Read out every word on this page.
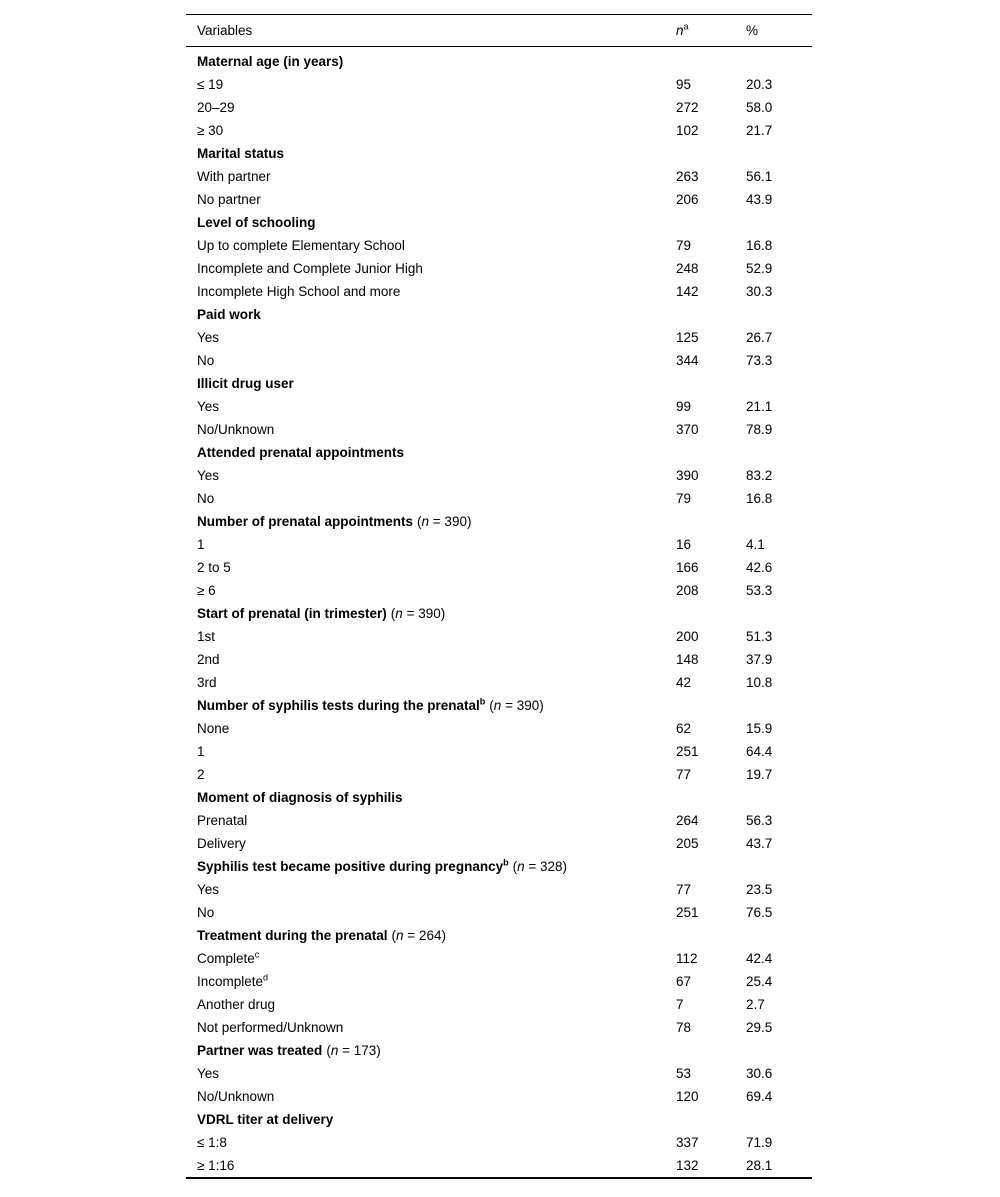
Variables	n$^a$	%
Maternal age (in years)		
≤ 19	95	20.3
20–29	272	58.0
≥ 30	102	21.7
Marital status		
With partner	263	56.1
No partner	206	43.9
Level of schooling		
Up to complete Elementary School	79	16.8
Incomplete and Complete Junior High	248	52.9
Incomplete High School and more	142	30.3
Paid work		
Yes	125	26.7
No	344	73.3
Illicit drug user		
Yes	99	21.1
No/Unknown	370	78.9
Attended prenatal appointments		
Yes	390	83.2
No	79	16.8
Number of prenatal appointments (n = 390)		
1	16	4.1
2 to 5	166	42.6
≥ 6	208	53.3
Start of prenatal (in trimester) (n = 390)		
1st	200	51.3
2nd	148	37.9
3rd	42	10.8
Number of syphilis tests during the prenatal$^b$ (n = 390)		
None	62	15.9
1	251	64.4
2	77	19.7
Moment of diagnosis of syphilis		
Prenatal	264	56.3
Delivery	205	43.7
Syphilis test became positive during pregnancy$^b$ (n = 328)		
Yes	77	23.5
No	251	76.5
Treatment during the prenatal (n = 264)		
Complete$^c$	112	42.4
Incomplete$^d$	67	25.4
Another drug	7	2.7
Not performed/Unknown	78	29.5
Partner was treated (n = 173)		
Yes	53	30.6
No/Unknown	120	69.4
VDRL titer at delivery		
≤ 1:8	337	71.9
≥ 1:16	132	28.1
